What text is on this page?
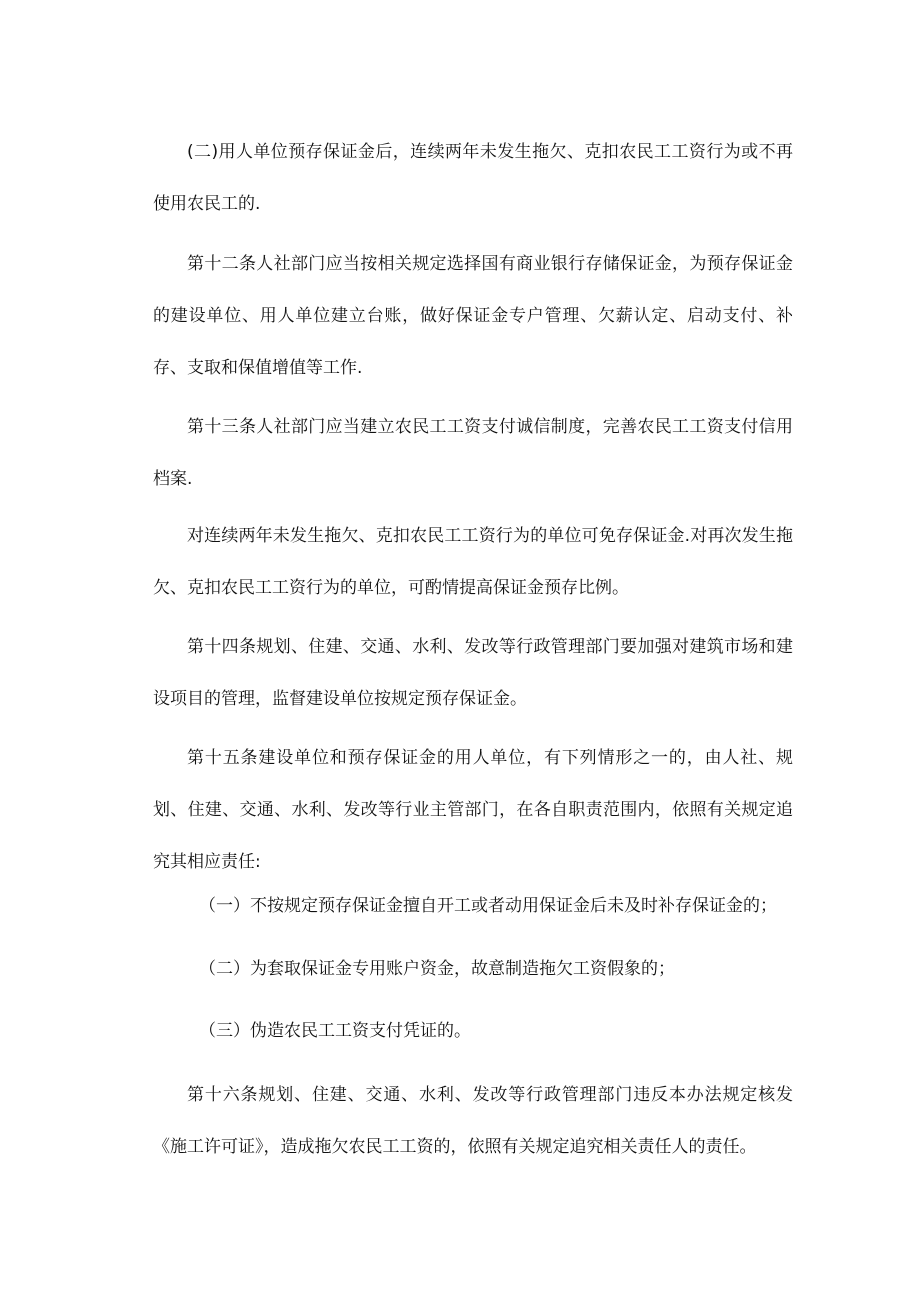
(二)用人单位预存保证金后，连续两年未发生拖欠、克扣农民工工资行为或不再使用农民工的.

第十二条人社部门应当按相关规定选择国有商业银行存储保证金，为预存保证金的建设单位、用人单位建立台账，做好保证金专户管理、欠薪认定、启动支付、补存、支取和保值增值等工作.

第十三条人社部门应当建立农民工工资支付诚信制度，完善农民工工资支付信用档案.

对连续两年未发生拖欠、克扣农民工工资行为的单位可免存保证金.对再次发生拖欠、克扣农民工工资行为的单位，可酌情提高保证金预存比例。

第十四条规划、住建、交通、水利、发改等行政管理部门要加强对建筑市场和建设项目的管理，监督建设单位按规定预存保证金。

第十五条建设单位和预存保证金的用人单位，有下列情形之一的，由人社、规划、住建、交通、水利、发改等行业主管部门，在各自职责范围内，依照有关规定追究其相应责任:

（一）不按规定预存保证金擅自开工或者动用保证金后未及时补存保证金的；

（二）为套取保证金专用账户资金，故意制造拖欠工资假象的；

（三）伪造农民工工资支付凭证的。

第十六条规划、住建、交通、水利、发改等行政管理部门违反本办法规定核发《施工许可证》，造成拖欠农民工工资的，依照有关规定追究相关责任人的责任。
